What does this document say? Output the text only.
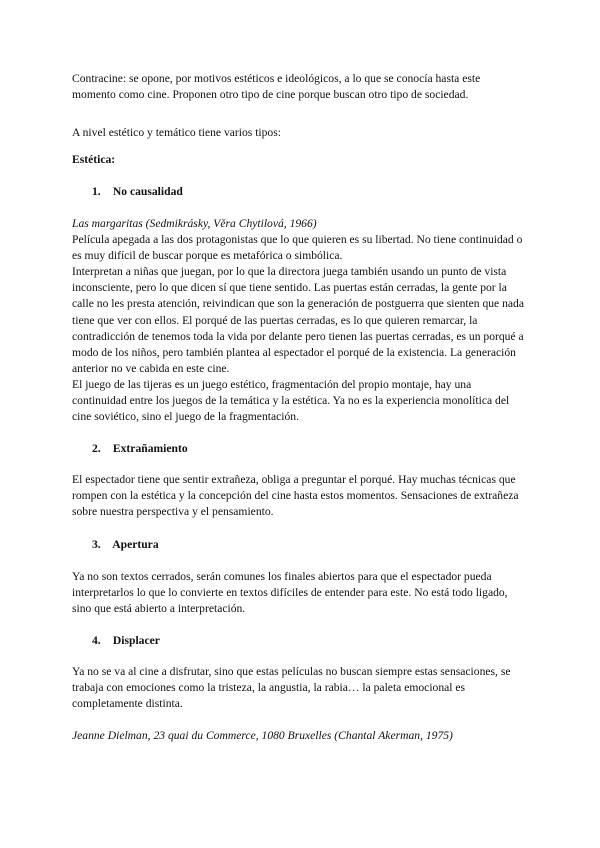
Contracine: se opone, por motivos estéticos e ideológicos, a lo que se conocía hasta este momento como cine. Proponen otro tipo de cine porque buscan otro tipo de sociedad.

A nivel estético y temático tiene varios tipos:

Estética:

1. No causalidad

Las margaritas (Sedmikrásky, Věra Chytilová, 1966)

Película apegada a las dos protagonistas que lo que quieren es su libertad. No tiene continuidad o es muy difícil de buscar porque es metafórica o simbólica.

Interpretan a niñas que juegan, por lo que la directora juega también usando un punto de vista inconsciente, pero lo que dicen sí que tiene sentido. Las puertas están cerradas, la gente por la calle no les presta atención, reivindican que son la generación de postguerra que sienten que nada tiene que ver con ellos. El porqué de las puertas cerradas, es lo que quieren remarcar, la contradicción de tenemos toda la vida por delante pero tienen las puertas cerradas, es un porqué a modo de los niños, pero también plantea al espectador el porqué de la existencia. La generación anterior no ve cabida en este cine.

El juego de las tijeras es un juego estético, fragmentación del propio montaje, hay una continuidad entre los juegos de la temática y la estética. Ya no es la experiencia monolítica del cine soviético, sino el juego de la fragmentación.

2. Extrañamiento

El espectador tiene que sentir extrañeza, obliga a preguntar el porqué. Hay muchas técnicas que rompen con la estética y la concepción del cine hasta estos momentos. Sensaciones de extrañeza sobre nuestra perspectiva y el pensamiento.

3. Apertura

Ya no son textos cerrados, serán comunes los finales abiertos para que el espectador pueda interpretarlos lo que lo convierte en textos difíciles de entender para este. No está todo ligado, sino que está abierto a interpretación.

4. Displacer

Ya no se va al cine a disfrutar, sino que estas películas no buscan siempre estas sensaciones, se trabaja con emociones como la tristeza, la angustia, la rabia… la paleta emocional es completamente distinta.

Jeanne Dielman, 23 quai du Commerce, 1080 Bruxelles (Chantal Akerman, 1975)
